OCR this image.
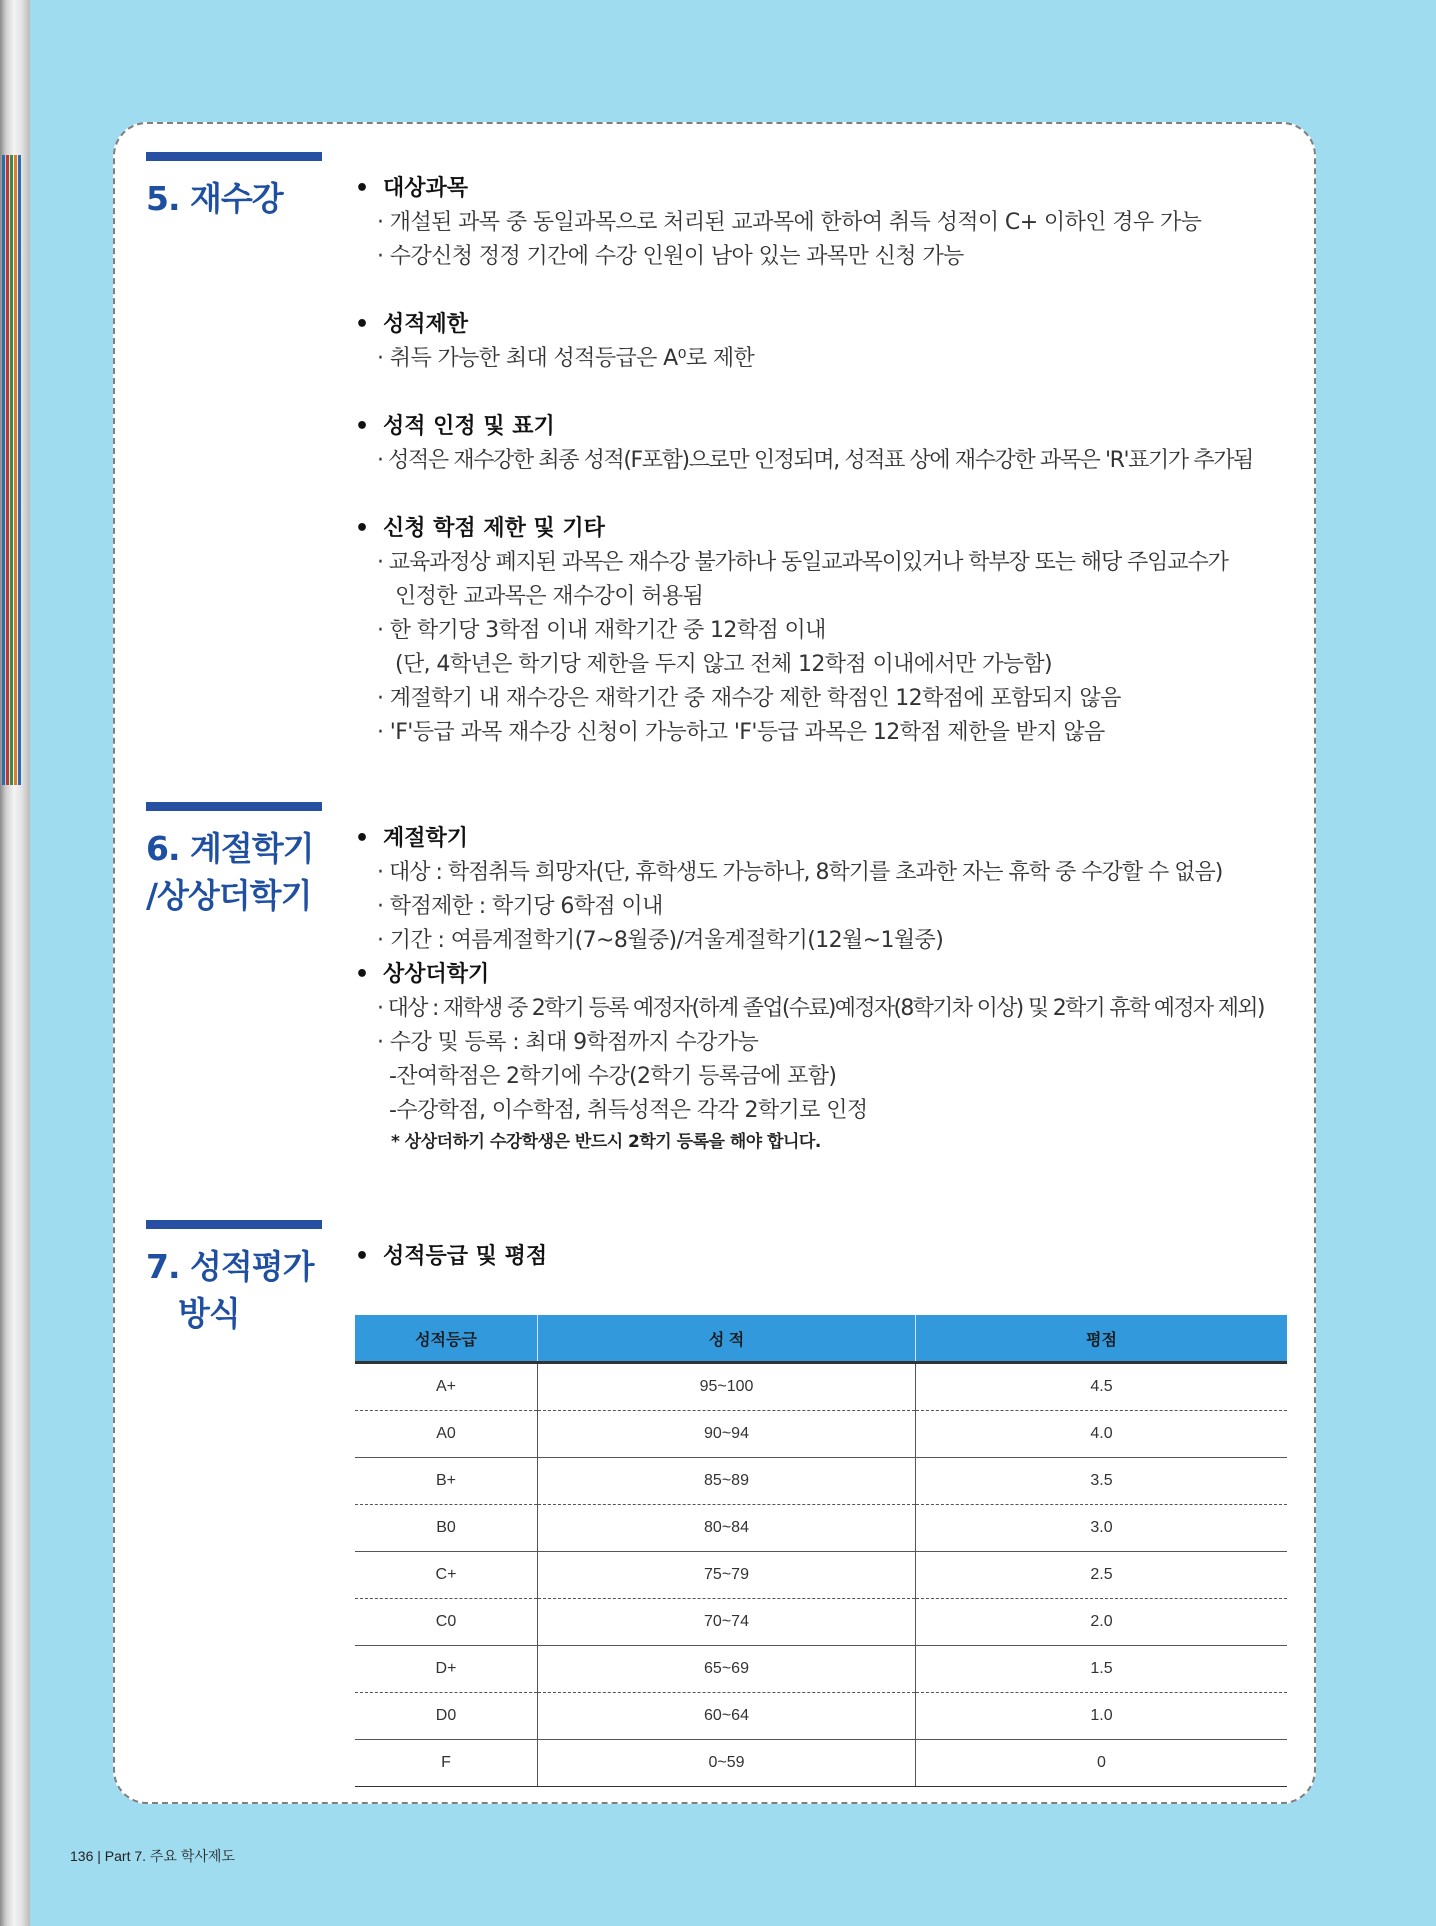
5. 재수강	• 대상과목
· 개설된 과목 중 동일과목으로 처리된 교과목에 한하여 취득 성적이 C+ 이하인 경우 가능
· 수강신청 정정 기간에 수강 인원이 남아 있는 과목만 신청 가능
• 성적제한
· 취득 가능한 최대 성적등급은 A⁰로 제한
• 성적 인정 및 표기
· 성적은 재수강한 최종 성적(F포함)으로만 인정되며, 성적표 상에 재수강한 과목은 'R'표기가 추가됨
• 신청 학점 제한 및 기타
· 교육과정상 폐지된 과목은 재수강 불가하나 동일교과목이있거나 학부장 또는 해당 주임교수가
인정한 교과목은 재수강이 허용됨
· 한 학기당 3학점 이내 재학기간 중 12학점 이내
(단, 4학년은 학기당 제한을 두지 않고 전체 12학점 이내에서만 가능함)
· 계절학기 내 재수강은 재학기간 중 재수강 제한 학점인 12학점에 포함되지 않음
· 'F'등급 과목 재수강 신청이 가능하고 'F'등급 과목은 12학점 제한을 받지 않음
6. 계절학기
/상상더학기
• 계절학기
· 대상 : 학점취득 희망자(단, 휴학생도 가능하나, 8학기를 초과한 자는 휴학 중 수강할 수 없음)
· 학점제한 : 학기당 6학점 이내
· 기간 : 여름계절학기(7~8월중)/겨울계절학기(12월~1월중)
• 상상더학기
· 대상 : 재학생 중 2학기 등록 예정자(하계 졸업(수료)예정자(8학기차 이상) 및 2학기 휴학 예정자 제외)
· 수강 및 등록 : 최대 9학점까지 수강가능
-잔여학점은 2학기에 수강(2학기 등록금에 포함)
-수강학점, 이수학점, 취득성적은 각각 2학기로 인정
* 상상더하기 수강학생은 반드시 2학기 등록을 해야 합니다.
7. 성적평가
방식
• 성적등급 및 평점
성적등급	성 적	평점
A+	95~100	4.5
A0	90~94	4.0
B+	85~89	3.5
B0	80~84	3.0
C+	75~79	2.5
C0	70~74	2.0
D+	65~69	1.5
D0	60~64	1.0
F	0~59	0
136 | Part 7. 주요 학사제도
